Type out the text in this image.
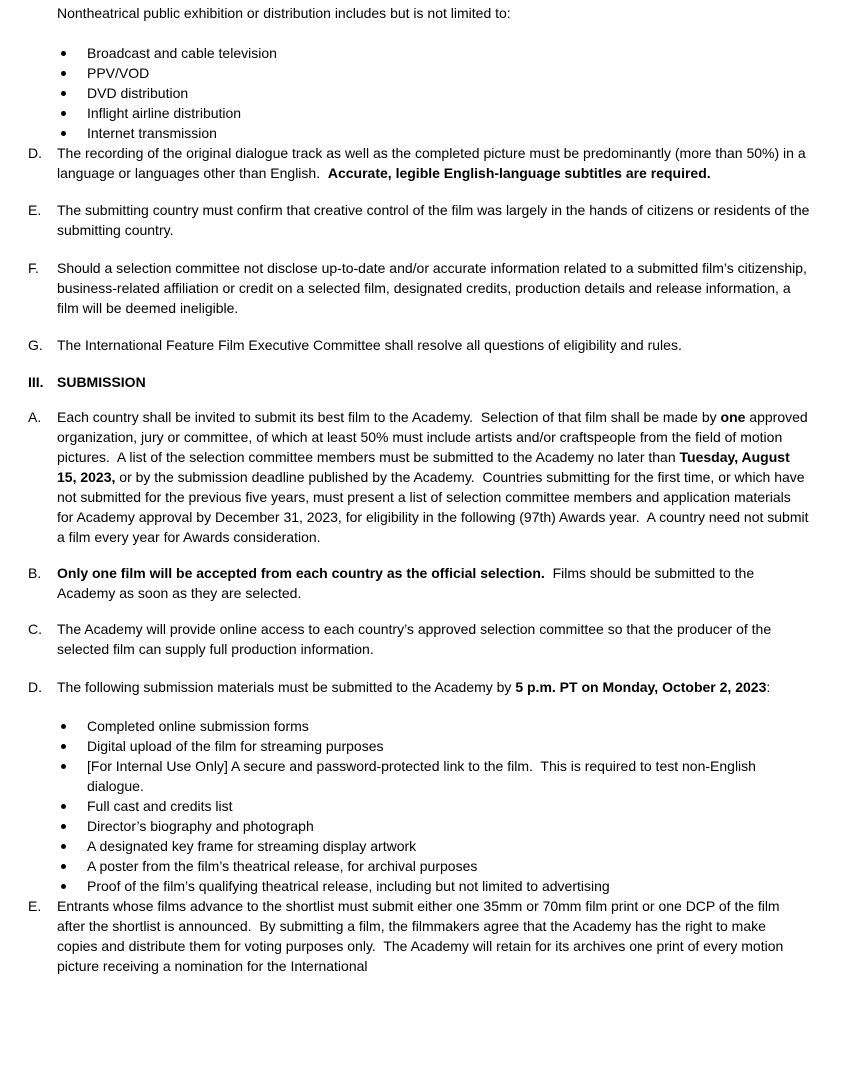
Nontheatrical public exhibition or distribution includes but is not limited to:

Broadcast and cable television
PPV/VOD
DVD distribution
Inflight airline distribution
Internet transmission
D.	The recording of the original dialogue track as well as the completed picture must be predominantly (more than 50%) in a language or languages other than English.  Accurate, legible English-language subtitles are required.

E.	The submitting country must confirm that creative control of the film was largely in the hands of citizens or residents of the submitting country.

F.	Should a selection committee not disclose up-to-date and/or accurate information related to a submitted film’s citizenship, business-related affiliation or credit on a selected film, designated credits, production details and release information, a film will be deemed ineligible.

G.	The International Feature Film Executive Committee shall resolve all questions of eligibility and rules.

III. SUBMISSION

A.	Each country shall be invited to submit its best film to the Academy.  Selection of that film shall be made by one approved organization, jury or committee, of which at least 50% must include artists and/or craftspeople from the field of motion pictures.  A list of the selection committee members must be submitted to the Academy no later than Tuesday, August 15, 2023, or by the submission deadline published by the Academy.  Countries submitting for the first time, or which have not submitted for the previous five years, must present a list of selection committee members and application materials for Academy approval by December 31, 2023, for eligibility in the following (97th) Awards year.  A country need not submit a film every year for Awards consideration.

B.	Only one film will be accepted from each country as the official selection.  Films should be submitted to the Academy as soon as they are selected.

C.	The Academy will provide online access to each country’s approved selection committee so that the producer of the selected film can supply full production information.

D.	The following submission materials must be submitted to the Academy by 5 p.m. PT on Monday, October 2, 2023:

Completed online submission forms
Digital upload of the film for streaming purposes
[For Internal Use Only] A secure and password-protected link to the film.  This is required to test non-English dialogue.
Full cast and credits list
Director’s biography and photograph
A designated key frame for streaming display artwork
A poster from the film’s theatrical release, for archival purposes
Proof of the film’s qualifying theatrical release, including but not limited to advertising
E.	Entrants whose films advance to the shortlist must submit either one 35mm or 70mm film print or one DCP of the film after the shortlist is announced.  By submitting a film, the filmmakers agree that the Academy has the right to make copies and distribute them for voting purposes only.  The Academy will retain for its archives one print of every motion picture receiving a nomination for the International
